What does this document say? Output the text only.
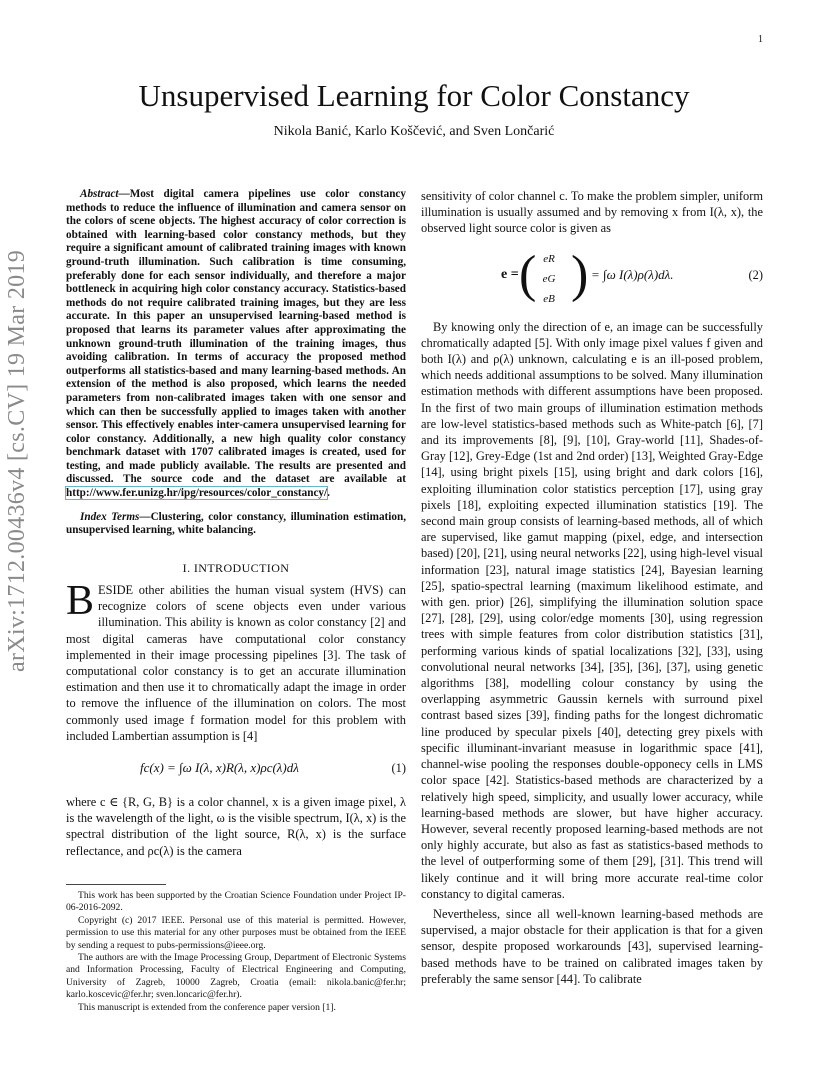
1
arXiv:1712.00436v4 [cs.CV] 19 Mar 2019
Unsupervised Learning for Color Constancy
Nikola Banić, Karlo Koščević, and Sven Lončarić

Abstract—Most digital camera pipelines use color constancy methods to reduce the influence of illumination and camera sensor on the colors of scene objects. The highest accuracy of color correction is obtained with learning-based color constancy methods, but they require a significant amount of calibrated training images with known ground-truth illumination. Such calibration is time consuming, preferably done for each sensor individually, and therefore a major bottleneck in acquiring high color constancy accuracy. Statistics-based methods do not require calibrated training images, but they are less accurate. In this paper an unsupervised learning-based method is proposed that learns its parameter values after approximating the unknown ground-truth illumination of the training images, thus avoiding calibration. In terms of accuracy the proposed method outperforms all statistics-based and many learning-based methods. An extension of the method is also proposed, which learns the needed parameters from non-calibrated images taken with one sensor and which can then be successfully applied to images taken with another sensor. This effectively enables inter-camera unsupervised learning for color constancy. Additionally, a new high quality color constancy benchmark dataset with 1707 calibrated images is created, used for testing, and made publicly available. The results are presented and discussed. The source code and the dataset are available at http://www.fer.unizg.hr/ipg/resources/color_constancy/.

Index Terms—Clustering, color constancy, illumination estimation, unsupervised learning, white balancing.

I. INTRODUCTION

BESIDE other abilities the human visual system (HVS) can recognize colors of scene objects even under various illumination. This ability is known as color constancy [2] and most digital cameras have computational color constancy implemented in their image processing pipelines [3]. The task of computational color constancy is to get an accurate illumination estimation and then use it to chromatically adapt the image in order to remove the influence of the illumination on colors. The most commonly used image f formation model for this problem with included Lambertian assumption is [4]

fc(x) = ∫ω I(λ, x)R(λ, x)ρc(λ)dλ	(1)

where c ∈ {R, G, B} is a color channel, x is a given image pixel, λ is the wavelength of the light, ω is the visible spectrum, I(λ, x) is the spectral distribution of the light source, R(λ, x) is the surface reflectance, and ρc(λ) is the camera

This work has been supported by the Croatian Science Foundation under Project IP-06-2016-2092.

Copyright (c) 2017 IEEE. Personal use of this material is permitted. However, permission to use this material for any other purposes must be obtained from the IEEE by sending a request to pubs-permissions@ieee.org.

The authors are with the Image Processing Group, Department of Electronic Systems and Information Processing, Faculty of Electrical Engineering and Computing, University of Zagreb, 10000 Zagreb, Croatia (email: nikola.banic@fer.hr; karlo.koscevic@fer.hr; sven.loncaric@fer.hr).

This manuscript is extended from the conference paper version [1].

sensitivity of color channel c. To make the problem simpler, uniform illumination is usually assumed and by removing x from I(λ, x), the observed light source color is given as

e = ( eR
eG
eB ) = ∫ω I(λ)ρ(λ)dλ.	(2)

By knowing only the direction of e, an image can be successfully chromatically adapted [5]. With only image pixel values f given and both I(λ) and ρ(λ) unknown, calculating e is an ill-posed problem, which needs additional assumptions to be solved. Many illumination estimation methods with different assumptions have been proposed. In the first of two main groups of illumination estimation methods are low-level statistics-based methods such as White-patch [6], [7] and its improvements [8], [9], [10], Gray-world [11], Shades-of-Gray [12], Grey-Edge (1st and 2nd order) [13], Weighted Gray-Edge [14], using bright pixels [15], using bright and dark colors [16], exploiting illumination color statistics perception [17], using gray pixels [18], exploiting expected illumination statistics [19]. The second main group consists of learning-based methods, all of which are supervised, like gamut mapping (pixel, edge, and intersection based) [20], [21], using neural networks [22], using high-level visual information [23], natural image statistics [24], Bayesian learning [25], spatio-spectral learning (maximum likelihood estimate, and with gen. prior) [26], simplifying the illumination solution space [27], [28], [29], using color/edge moments [30], using regression trees with simple features from color distribution statistics [31], performing various kinds of spatial localizations [32], [33], using convolutional neural networks [34], [35], [36], [37], using genetic algorithms [38], modelling colour constancy by using the overlapping asymmetric Gaussin kernels with surround pixel contrast based sizes [39], finding paths for the longest dichromatic line produced by specular pixels [40], detecting grey pixels with specific illuminant-invariant measuse in logarithmic space [41], channel-wise pooling the responses double-opponecy cells in LMS color space [42]. Statistics-based methods are characterized by a relatively high speed, simplicity, and usually lower accuracy, while learning-based methods are slower, but have higher accuracy. However, several recently proposed learning-based methods are not only highly accurate, but also as fast as statistics-based methods to the level of outperforming some of them [29], [31]. This trend will likely continue and it will bring more accurate real-time color constancy to digital cameras.

Nevertheless, since all well-known learning-based methods are supervised, a major obstacle for their application is that for a given sensor, despite proposed workarounds [43], supervised learning-based methods have to be trained on calibrated images taken by preferably the same sensor [44]. To calibrate
